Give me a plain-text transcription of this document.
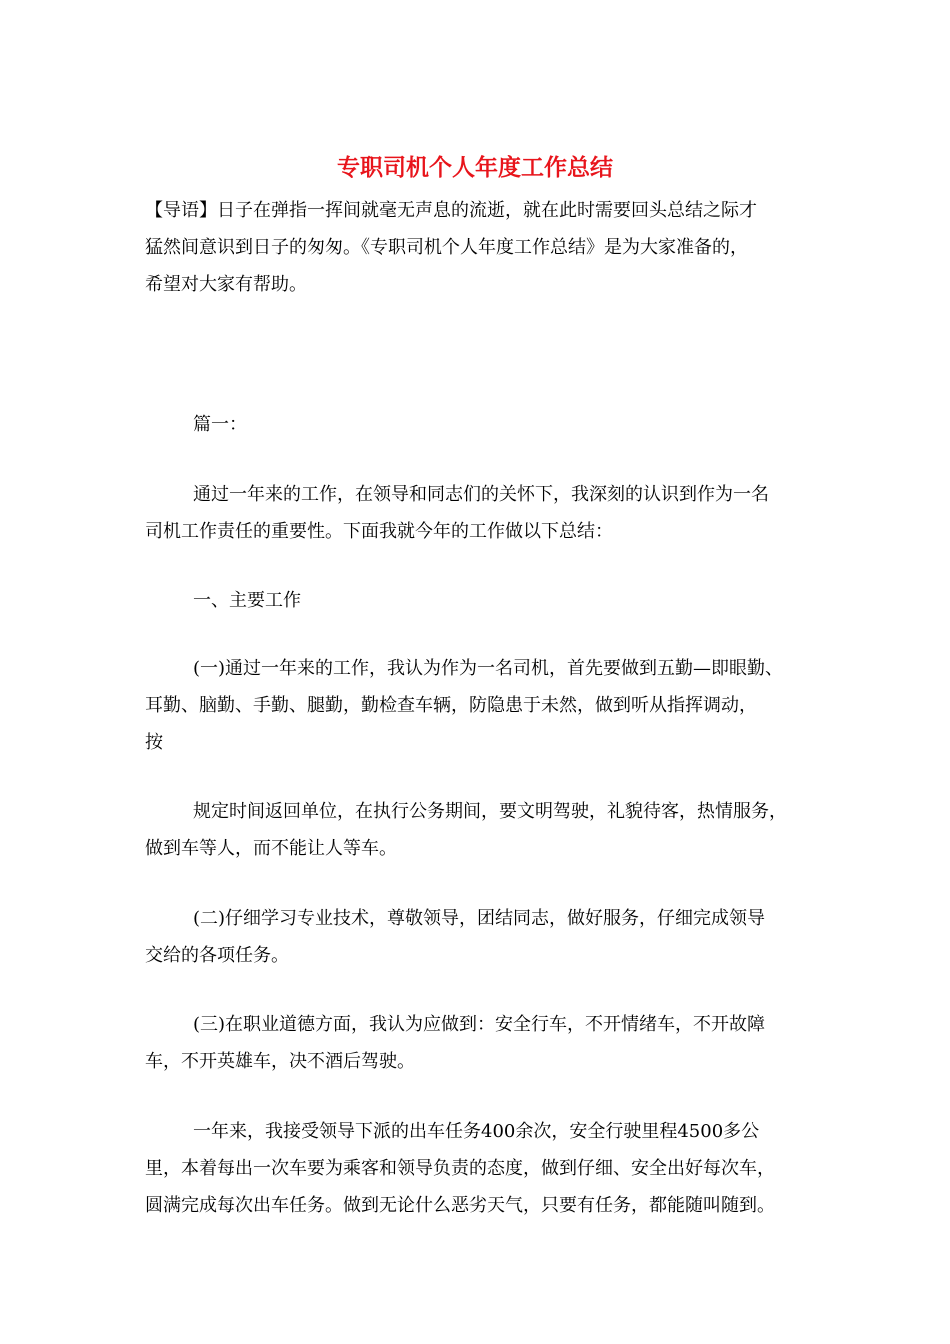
专职司机个人年度工作总结

【导语】日子在弹指一挥间就毫无声息的流逝，就在此时需要回头总结之际才

猛然间意识到日子的匆匆。《专职司机个人年度工作总结》是为大家准备的，

希望对大家有帮助。

篇一：

通过一年来的工作，在领导和同志们的关怀下，我深刻的认识到作为一名

司机工作责任的重要性。下面我就今年的工作做以下总结：

一、主要工作

(一)通过一年来的工作，我认为作为一名司机，首先要做到五勤—即眼勤、

耳勤、脑勤、手勤、腿勤，勤检查车辆，防隐患于未然，做到听从指挥调动，

按

规定时间返回单位，在执行公务期间，要文明驾驶，礼貌待客，热情服务，

做到车等人，而不能让人等车。

(二)仔细学习专业技术，尊敬领导，团结同志，做好服务，仔细完成领导

交给的各项任务。

(三)在职业道德方面，我认为应做到：安全行车，不开情绪车，不开故障

车，不开英雄车，决不酒后驾驶。

一年来，我接受领导下派的出车任务400余次，安全行驶里程4500多公

里，本着每出一次车要为乘客和领导负责的态度，做到仔细、安全出好每次车，

圆满完成每次出车任务。做到无论什么恶劣天气，只要有任务，都能随叫随到。
